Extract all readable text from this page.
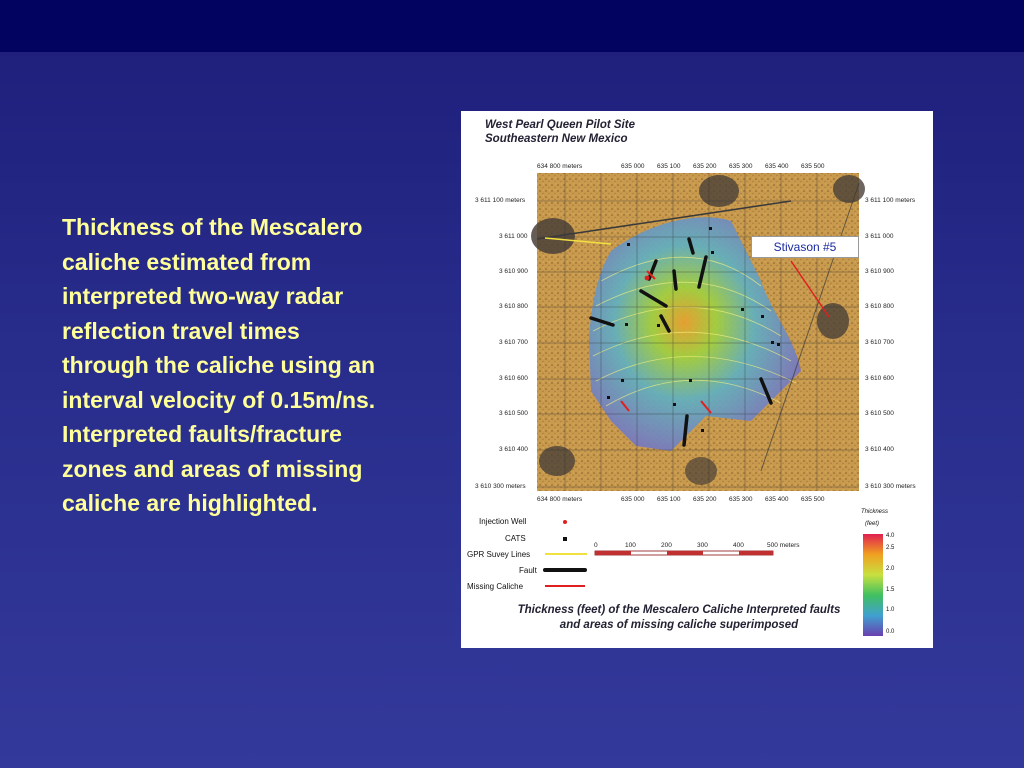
Thickness of the Mescalero
caliche estimated from
interpreted two-way radar
reflection travel times
through the caliche using an
interval velocity of 0.15m/ns.
Interpreted faults/fracture
zones and areas of missing
caliche are highlighted.
West Pearl Queen Pilot Site
Southeastern New Mexico
634 800 meters	635 000 635 100 635 200 635 300 635 400 635 500
634 800 meters	635 000 635 100 635 200 635 300 635 400 635 500
3 611 100 meters
3 611 000
3 610 900
3 610 800
3 610 700
3 610 600
3 610 500
3 610 400
3 610 300 meters
3 611 100 meters
3 611 000
3 610 900
3 610 800
3 610 700
3 610 600
3 610 500
3 610 400
3 610 300 meters
Injection Well
CATS
GPR Suvey Lines
Fault
Missing Caliche
0	100	200	300	400	500 meters
Thickness
(feet)
4.0
2.5
2.0
1.5
1.0
0.0
Thickness (feet) of the Mescalero Caliche Interpreted faults
and areas of missing caliche superimposed
Stivason #5
